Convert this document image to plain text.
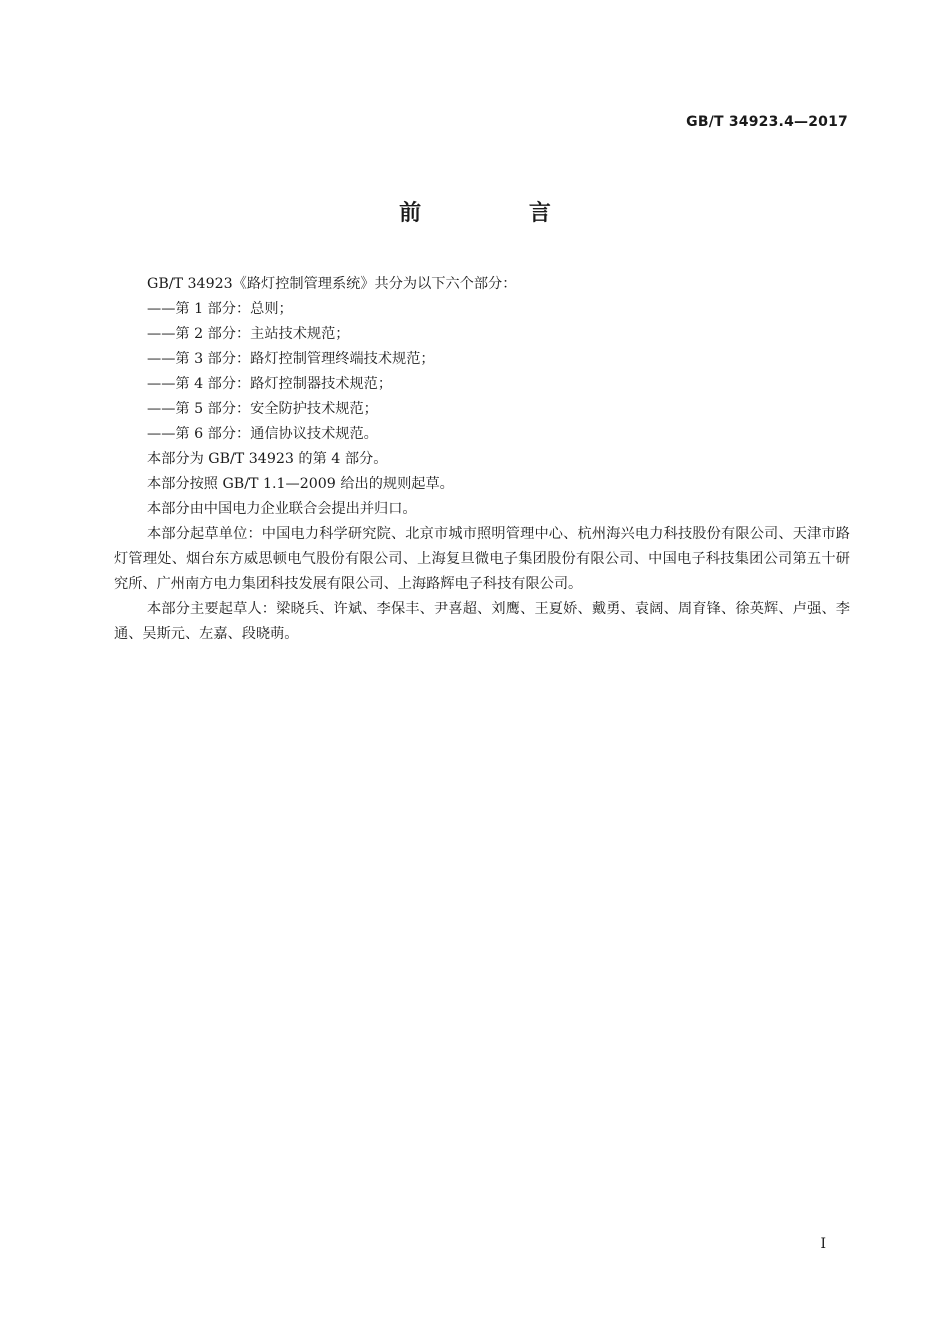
GB/T 34923.4—2017
前 言

GB/T 34923《路灯控制管理系统》共分为以下六个部分：

——第 1 部分：总则；

——第 2 部分：主站技术规范；

——第 3 部分：路灯控制管理终端技术规范；

——第 4 部分：路灯控制器技术规范；

——第 5 部分：安全防护技术规范；

——第 6 部分：通信协议技术规范。

本部分为 GB/T 34923 的第 4 部分。

本部分按照 GB/T 1.1—2009 给出的规则起草。

本部分由中国电力企业联合会提出并归口。

本部分起草单位：中国电力科学研究院、北京市城市照明管理中心、杭州海兴电力科技股份有限公司、天津市路灯管理处、烟台东方威思顿电气股份有限公司、上海复旦微电子集团股份有限公司、中国电子科技集团公司第五十研究所、广州南方电力集团科技发展有限公司、上海路辉电子科技有限公司。

本部分主要起草人：梁晓兵、许斌、李保丰、尹喜超、刘鹰、王夏娇、戴勇、袁阔、周育锋、徐英辉、卢强、李通、吴斯元、左嘉、段晓萌。

I
